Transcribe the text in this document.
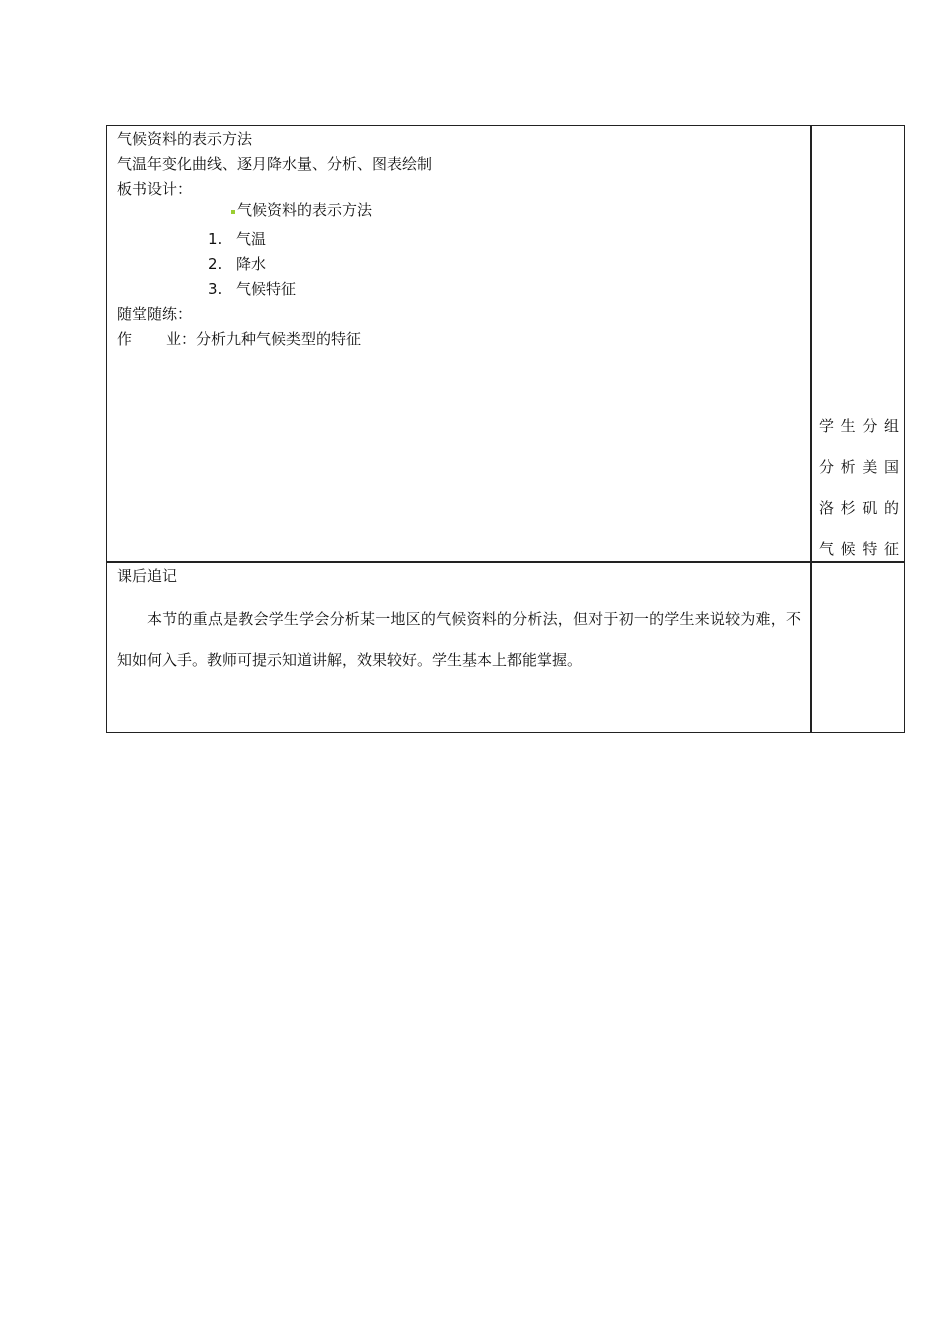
气候资料的表示方法
气温年变化曲线、逐月降水量、分析、图表绘制
板书设计：
气候资料的表示方法
1. 气温
2. 降水
3. 气候特征
随堂随练：
作 业：分析九种气候类型的特征
学生分组
分析美国
洛杉矶的
气候特征
课后追记
本节的重点是教会学生学会分析某一地区的气候资料的分析法，但对于初一的学生来说较为难，不知如何入手。教师可提示知道讲解，效果较好。学生基本上都能掌握。
